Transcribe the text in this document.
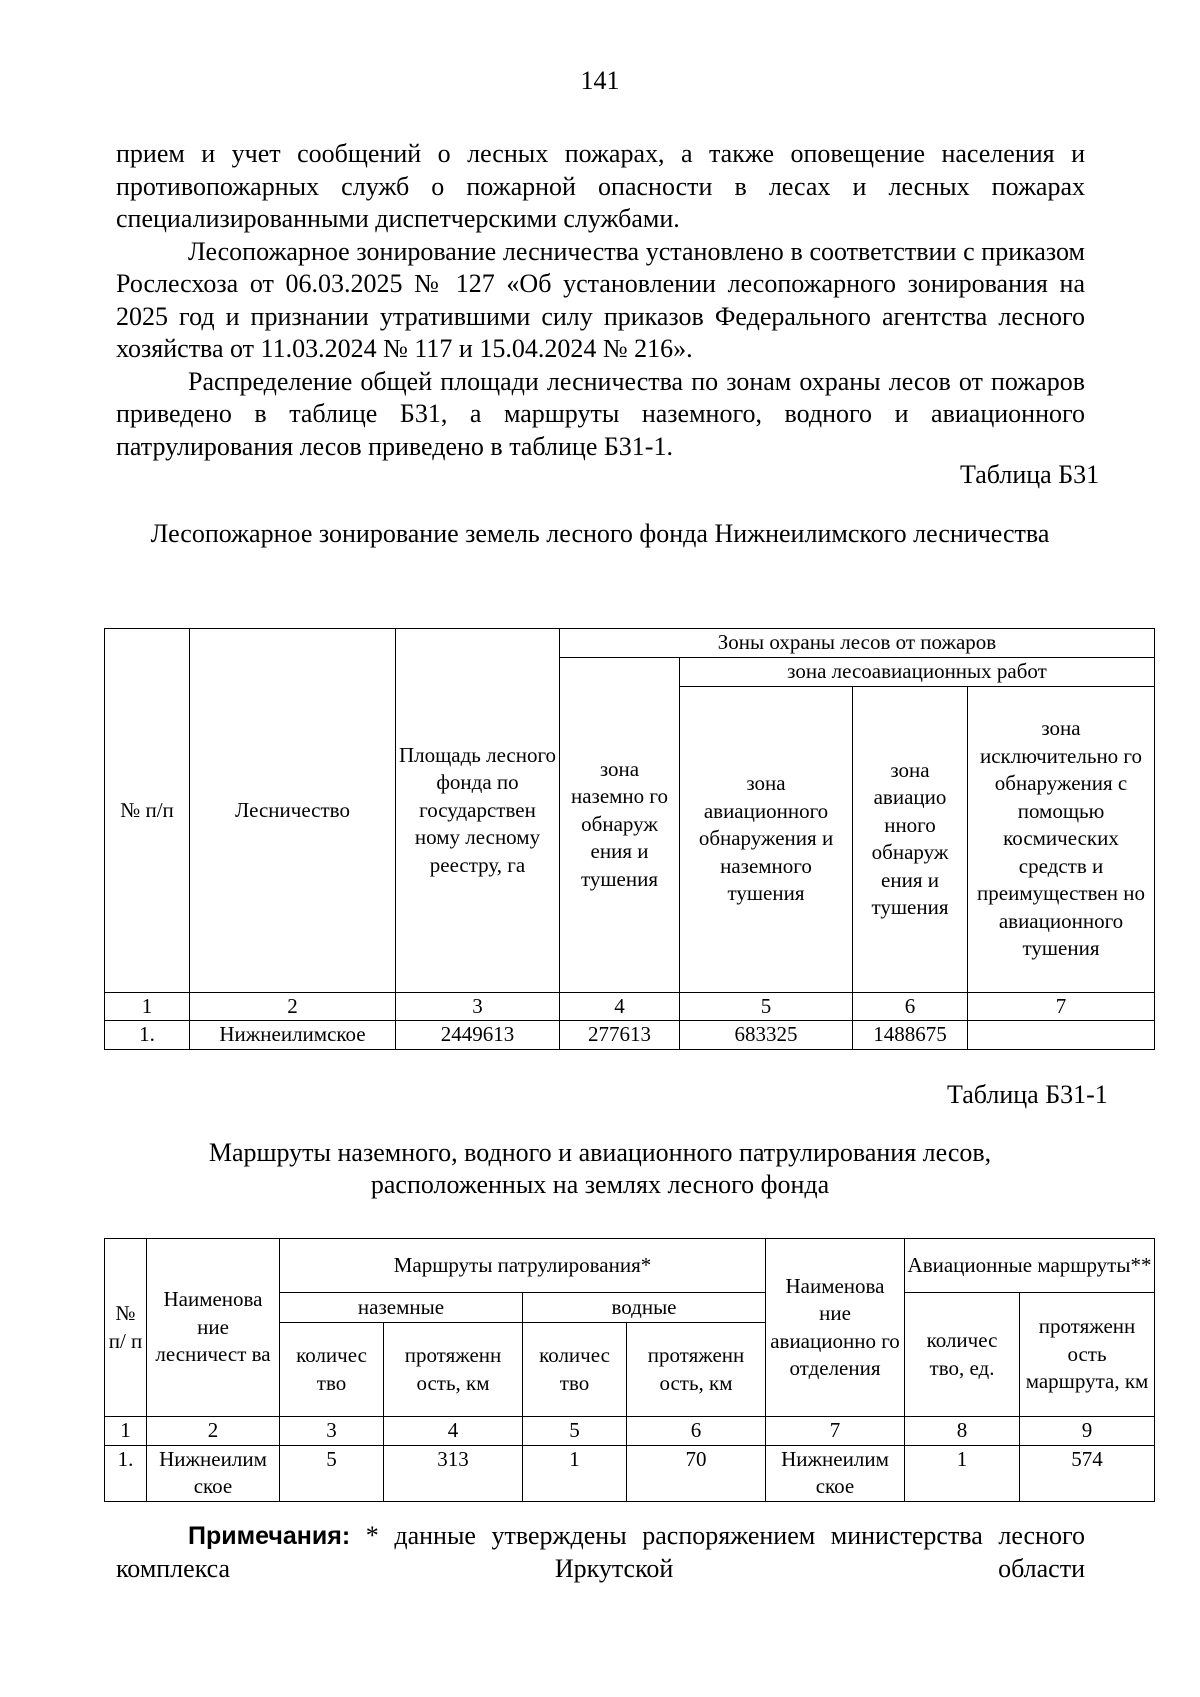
141

прием и учет сообщений о лесных пожарах, а также оповещение населения и противопожарных служб о пожарной опасности в лесах и лесных пожарах специализированными диспетчерскими службами.

Лесопожарное зонирование лесничества установлено в соответствии с приказом Рослесхоза от 06.03.2025 № 127 «Об установлении лесопожарного зонирования на 2025 год и признании утратившими силу приказов Федерального агентства лесного хозяйства от 11.03.2024 № 117 и 15.04.2024 № 216».

Распределение общей площади лесничества по зонам охраны лесов от пожаров приведено в таблице Б31, а маршруты наземного, водного и авиационного патрулирования лесов приведено в таблице Б31-1.

Таблица Б31
Лесопожарное зонирование земель лесного фонда Нижнеилимского лесничества
№ п/п	Лесничество	Площадь лесного фонда по государствен ному лесному реестру, га	Зоны охраны лесов от пожаров			
			зона наземно го обнаруж ения и тушения	зона лесоавиационных работ		
				зона авиационного обнаружения и наземного тушения	зона авиацио нного обнаруж ения и тушения	зона исключительно го обнаружения с помощью космических средств и преимуществен но авиационного тушения
1	2	3	4	5	6	7
1.	Нижнеилимское	2449613	277613	683325	1488675	
Таблица Б31-1
Маршруты наземного, водного и авиационного патрулирования лесов,
расположенных на землях лесного фонда
№ п/ п	Наименова ние лесничест ва	Маршруты патрулирования*				Наименова ние авиационно го отделения	Авиационные маршруты**	
		наземные		водные			количес тво, ед.	протяженн ость маршрута, км
		количес тво	протяженн ость, км	количес тво	протяженн ость, км			
1	2	3	4	5	6	7	8	9
1.	Нижнеилим ское	5	313	1	70	Нижнеилим ское	1	574

Примечания: * данные утверждены распоряжением министерства лесного комплекса Иркутской области
